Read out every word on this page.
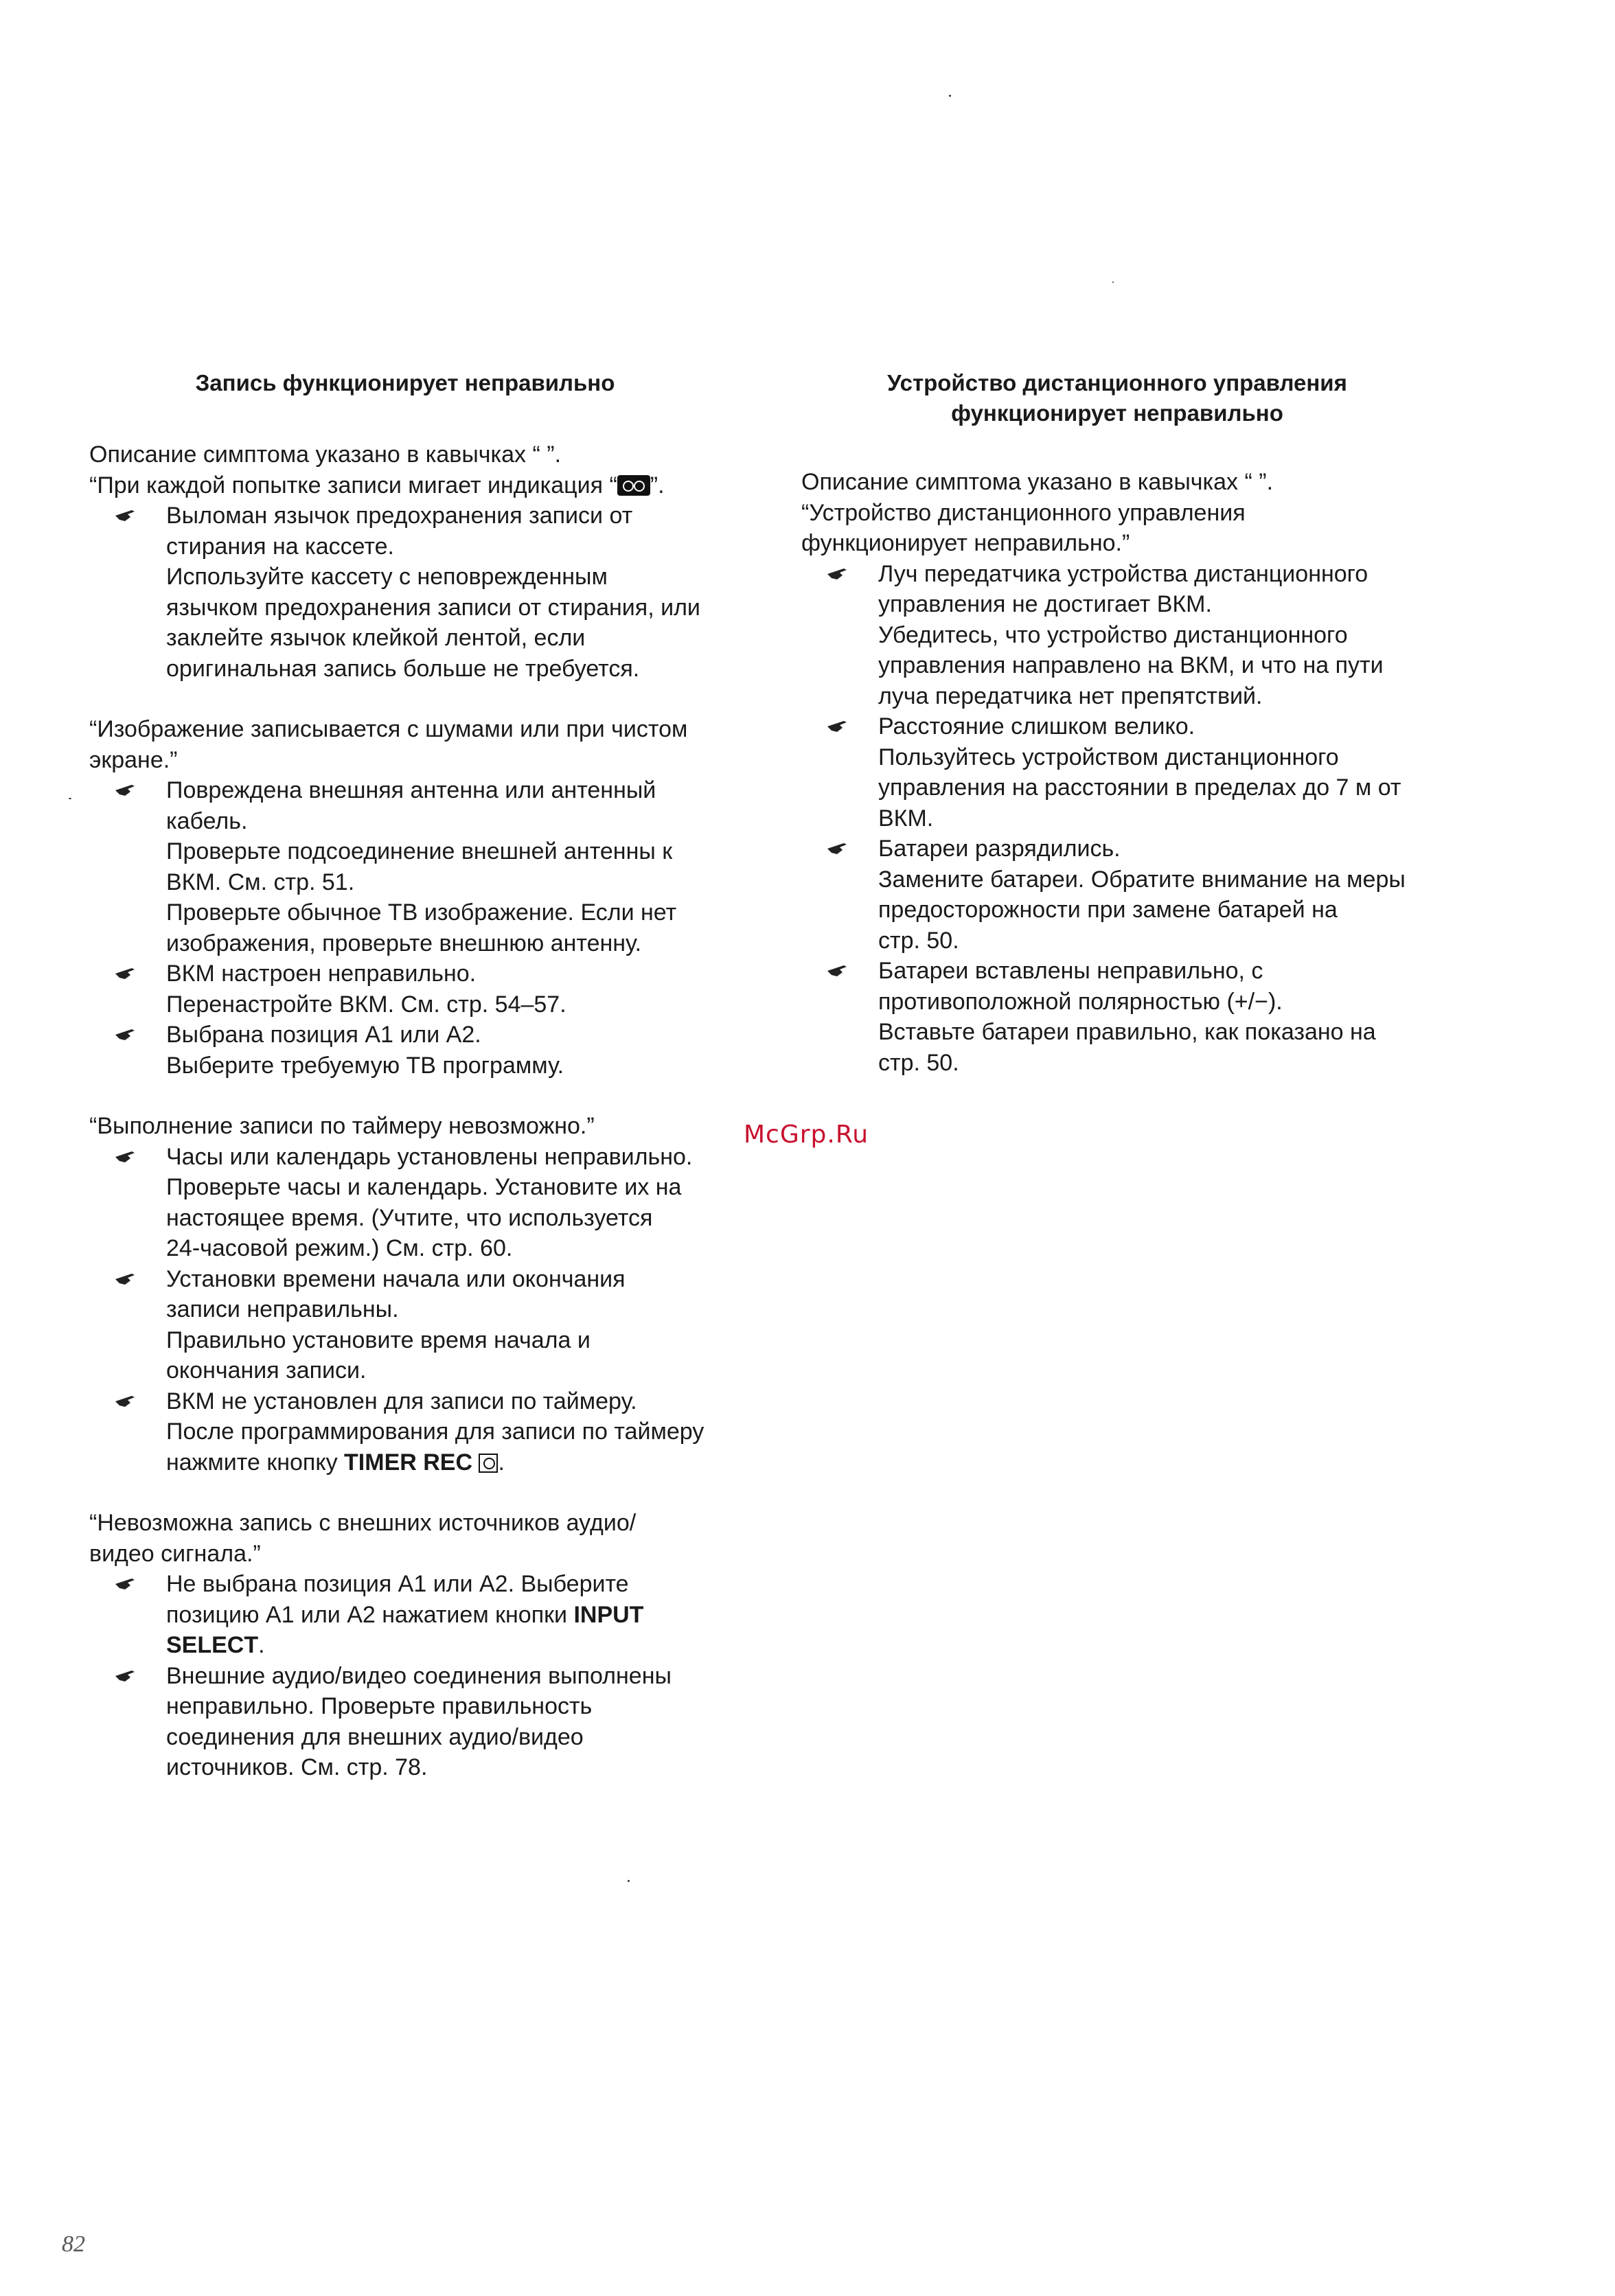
Запись функционирует неправильно
Описание симптома указано в кавычках “ ”.
“При каждой попытке записи мигает индикация “ ”.
Выломан язычок предохранения записи от
стирания на кассете.
Используйте кассету с неповрежденным
язычком предохранения записи от стирания, или
заклейте язычок клейкой лентой, если
оригинальная запись больше не требуется.
“Изображение записывается с шумами или при чистом
экране.”
Повреждена внешняя антенна или антенный
кабель.
Проверьте подсоединение внешней антенны к
ВКМ. См. стр. 51.
Проверьте обычное ТВ изображение. Если нет
изображения, проверьте внешнюю антенну.
ВКМ настроен неправильно.
Перенастройте ВКМ. См. стр. 54–57.
Выбрана позиция A1 или A2.
Выберите требуемую ТВ программу.
“Выполнение записи по таймеру невозможно.”
Часы или календарь установлены неправильно.
Проверьте часы и календарь. Установите их на
настоящее время. (Учтите, что используется
24-часовой режим.) См. стр. 60.
Установки времени начала или окончания
записи неправильны.
Правильно установите время начала и
окончания записи.
ВКМ не установлен для записи по таймеру.
После программирования для записи по таймеру
нажмите кнопку TIMER REC .
“Невозможна запись с внешних источников аудио/
видео сигнала.”
Не выбрана позиция A1 или A2. Выберите
позицию A1 или A2 нажатием кнопки INPUT
SELECT.
Внешние аудио/видео соединения выполнены
неправильно. Проверьте правильность
соединения для внешних аудио/видео
источников. См. стр. 78.
Устройство дистанционного управления
функционирует неправильно
Описание симптома указано в кавычках “ ”.
“Устройство дистанционного управления
функционирует неправильно.”
Луч передатчика устройства дистанционного
управления не достигает ВКМ.
Убедитесь, что устройство дистанционного
управления направлено на ВКМ, и что на пути
луча передатчика нет препятствий.
Расстояние слишком велико.
Пользуйтесь устройством дистанционного
управления на расстоянии в пределах до 7 м от
ВКМ.
Батареи разрядились.
Замените батареи. Обратите внимание на меры
предосторожности при замене батарей на
стр. 50.
Батареи вставлены неправильно, с
противоположной полярностью (+/−).
Вставьте батареи правильно, как показано на
стр. 50.
McGrp.Ru
82
